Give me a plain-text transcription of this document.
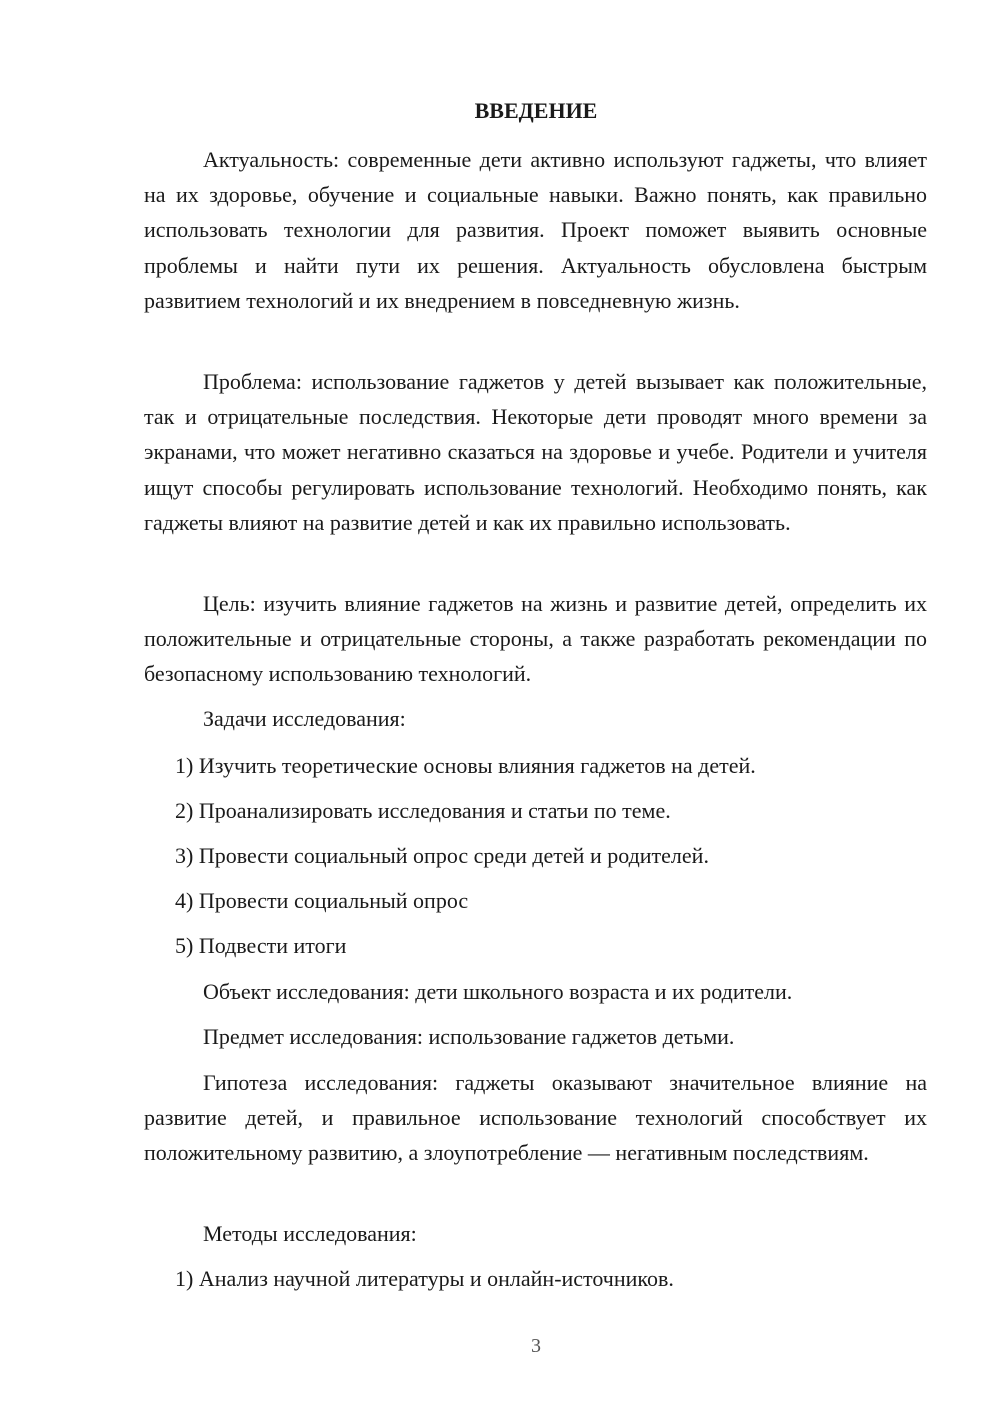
ВВЕДЕНИЕ

Актуальность: современные дети активно используют гаджеты, что влияет на их здоровье, обучение и социальные навыки. Важно понять, как правильно использовать технологии для развития. Проект поможет выявить основные проблемы и найти пути их решения. Актуальность обусловлена быстрым развитием технологий и их внедрением в повседневную жизнь.

Проблема: использование гаджетов у детей вызывает как положительные, так и отрицательные последствия. Некоторые дети проводят много времени за экранами, что может негативно сказаться на здоровье и учебе. Родители и учителя ищут способы регулировать использование технологий. Необходимо понять, как гаджеты влияют на развитие детей и как их правильно использовать.

Цель: изучить влияние гаджетов на жизнь и развитие детей, определить их положительные и отрицательные стороны, а также разработать рекомендации по безопасному использованию технологий.

Задачи исследования:

1) Изучить теоретические основы влияния гаджетов на детей.

2) Проанализировать исследования и статьи по теме.

3) Провести социальный опрос среди детей и родителей.

4) Провести социальный опрос

5) Подвести итоги

Объект исследования: дети школьного возраста и их родители.

Предмет исследования: использование гаджетов детьми.

Гипотеза исследования: гаджеты оказывают значительное влияние на развитие детей, и правильное использование технологий способствует их положительному развитию, а злоупотребление — негативным последствиям.

Методы исследования:

1) Анализ научной литературы и онлайн-источников.

3
